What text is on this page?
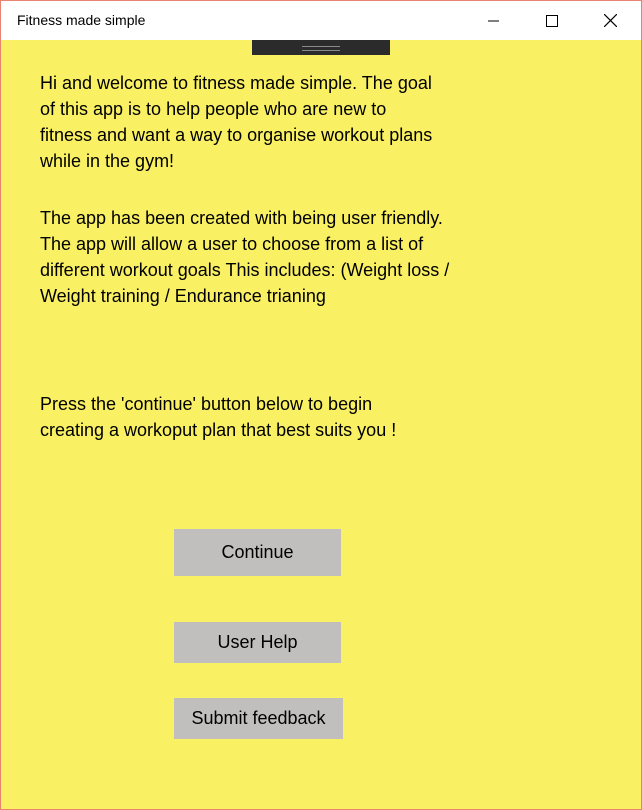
Fitness made simple
Hi and welcome to fitness made simple. The goal
of this app is to help people who are new to
fitness and want a way to organise workout plans
while in the gym!
The app has been created with being user friendly.
The app will allow a user to choose from a list of
different workout goals This includes: (Weight loss /
Weight training / Endurance trianing
Press the 'continue' button below to begin
creating a workoput plan that best suits you !
Continue
User Help
Submit feedback
